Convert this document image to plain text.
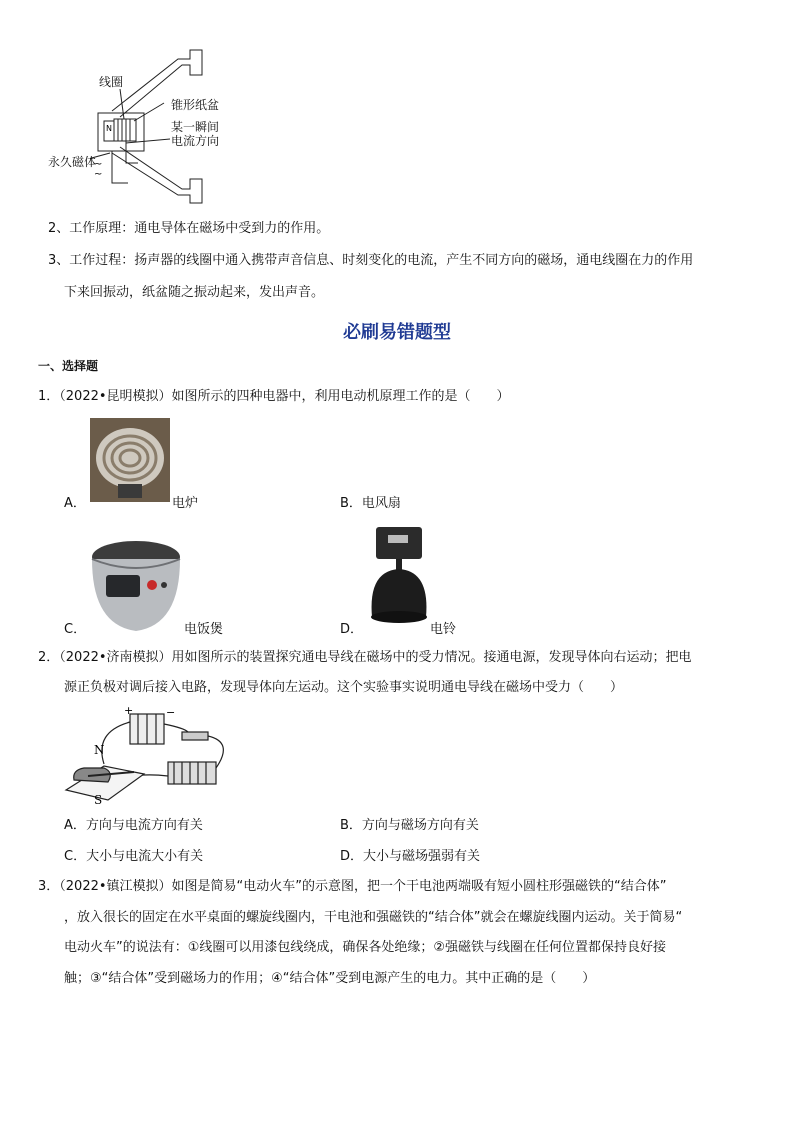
N
~
~
线圈
锥形纸盆
某一瞬间
电流方向
永久磁体
2、工作原理：通电导体在磁场中受到力的作用。
3、工作过程：扬声器的线圈中通入携带声音信息、时刻变化的电流，产生不同方向的磁场，通电线圈在力的作用
下来回振动，纸盆随之振动起来，发出声音。
必刷易错题型
一、选择题
1．（2022•昆明模拟）如图所示的四种电器中，利用电动机原理工作的是（　　）
A．	电炉	B．电风扇
C．	电饭煲	D．	电铃
2．（2022•济南模拟）用如图所示的装置探究通电导线在磁场中的受力情况。接通电源，发现导体向右运动；把电
源正负极对调后接入电路，发现导体向左运动。这个实验事实说明通电导线在磁场中受力（　　）
+	−
N
S
A．方向与电流方向有关	B．方向与磁场方向有关
C．大小与电流大小有关	D．大小与磁场强弱有关
3．（2022•镇江模拟）如图是简易“电动火车”的示意图，把一个干电池两端吸有短小圆柱形强磁铁的“结合体”
，放入很长的固定在水平桌面的螺旋线圈内，干电池和强磁铁的“结合体”就会在螺旋线圈内运动。关于简易“
电动火车”的说法有：①线圈可以用漆包线绕成，确保各处绝缘；②强磁铁与线圈在任何位置都保持良好接
触；③“结合体”受到磁场力的作用；④“结合体”受到电源产生的电力。其中正确的是（　　）
